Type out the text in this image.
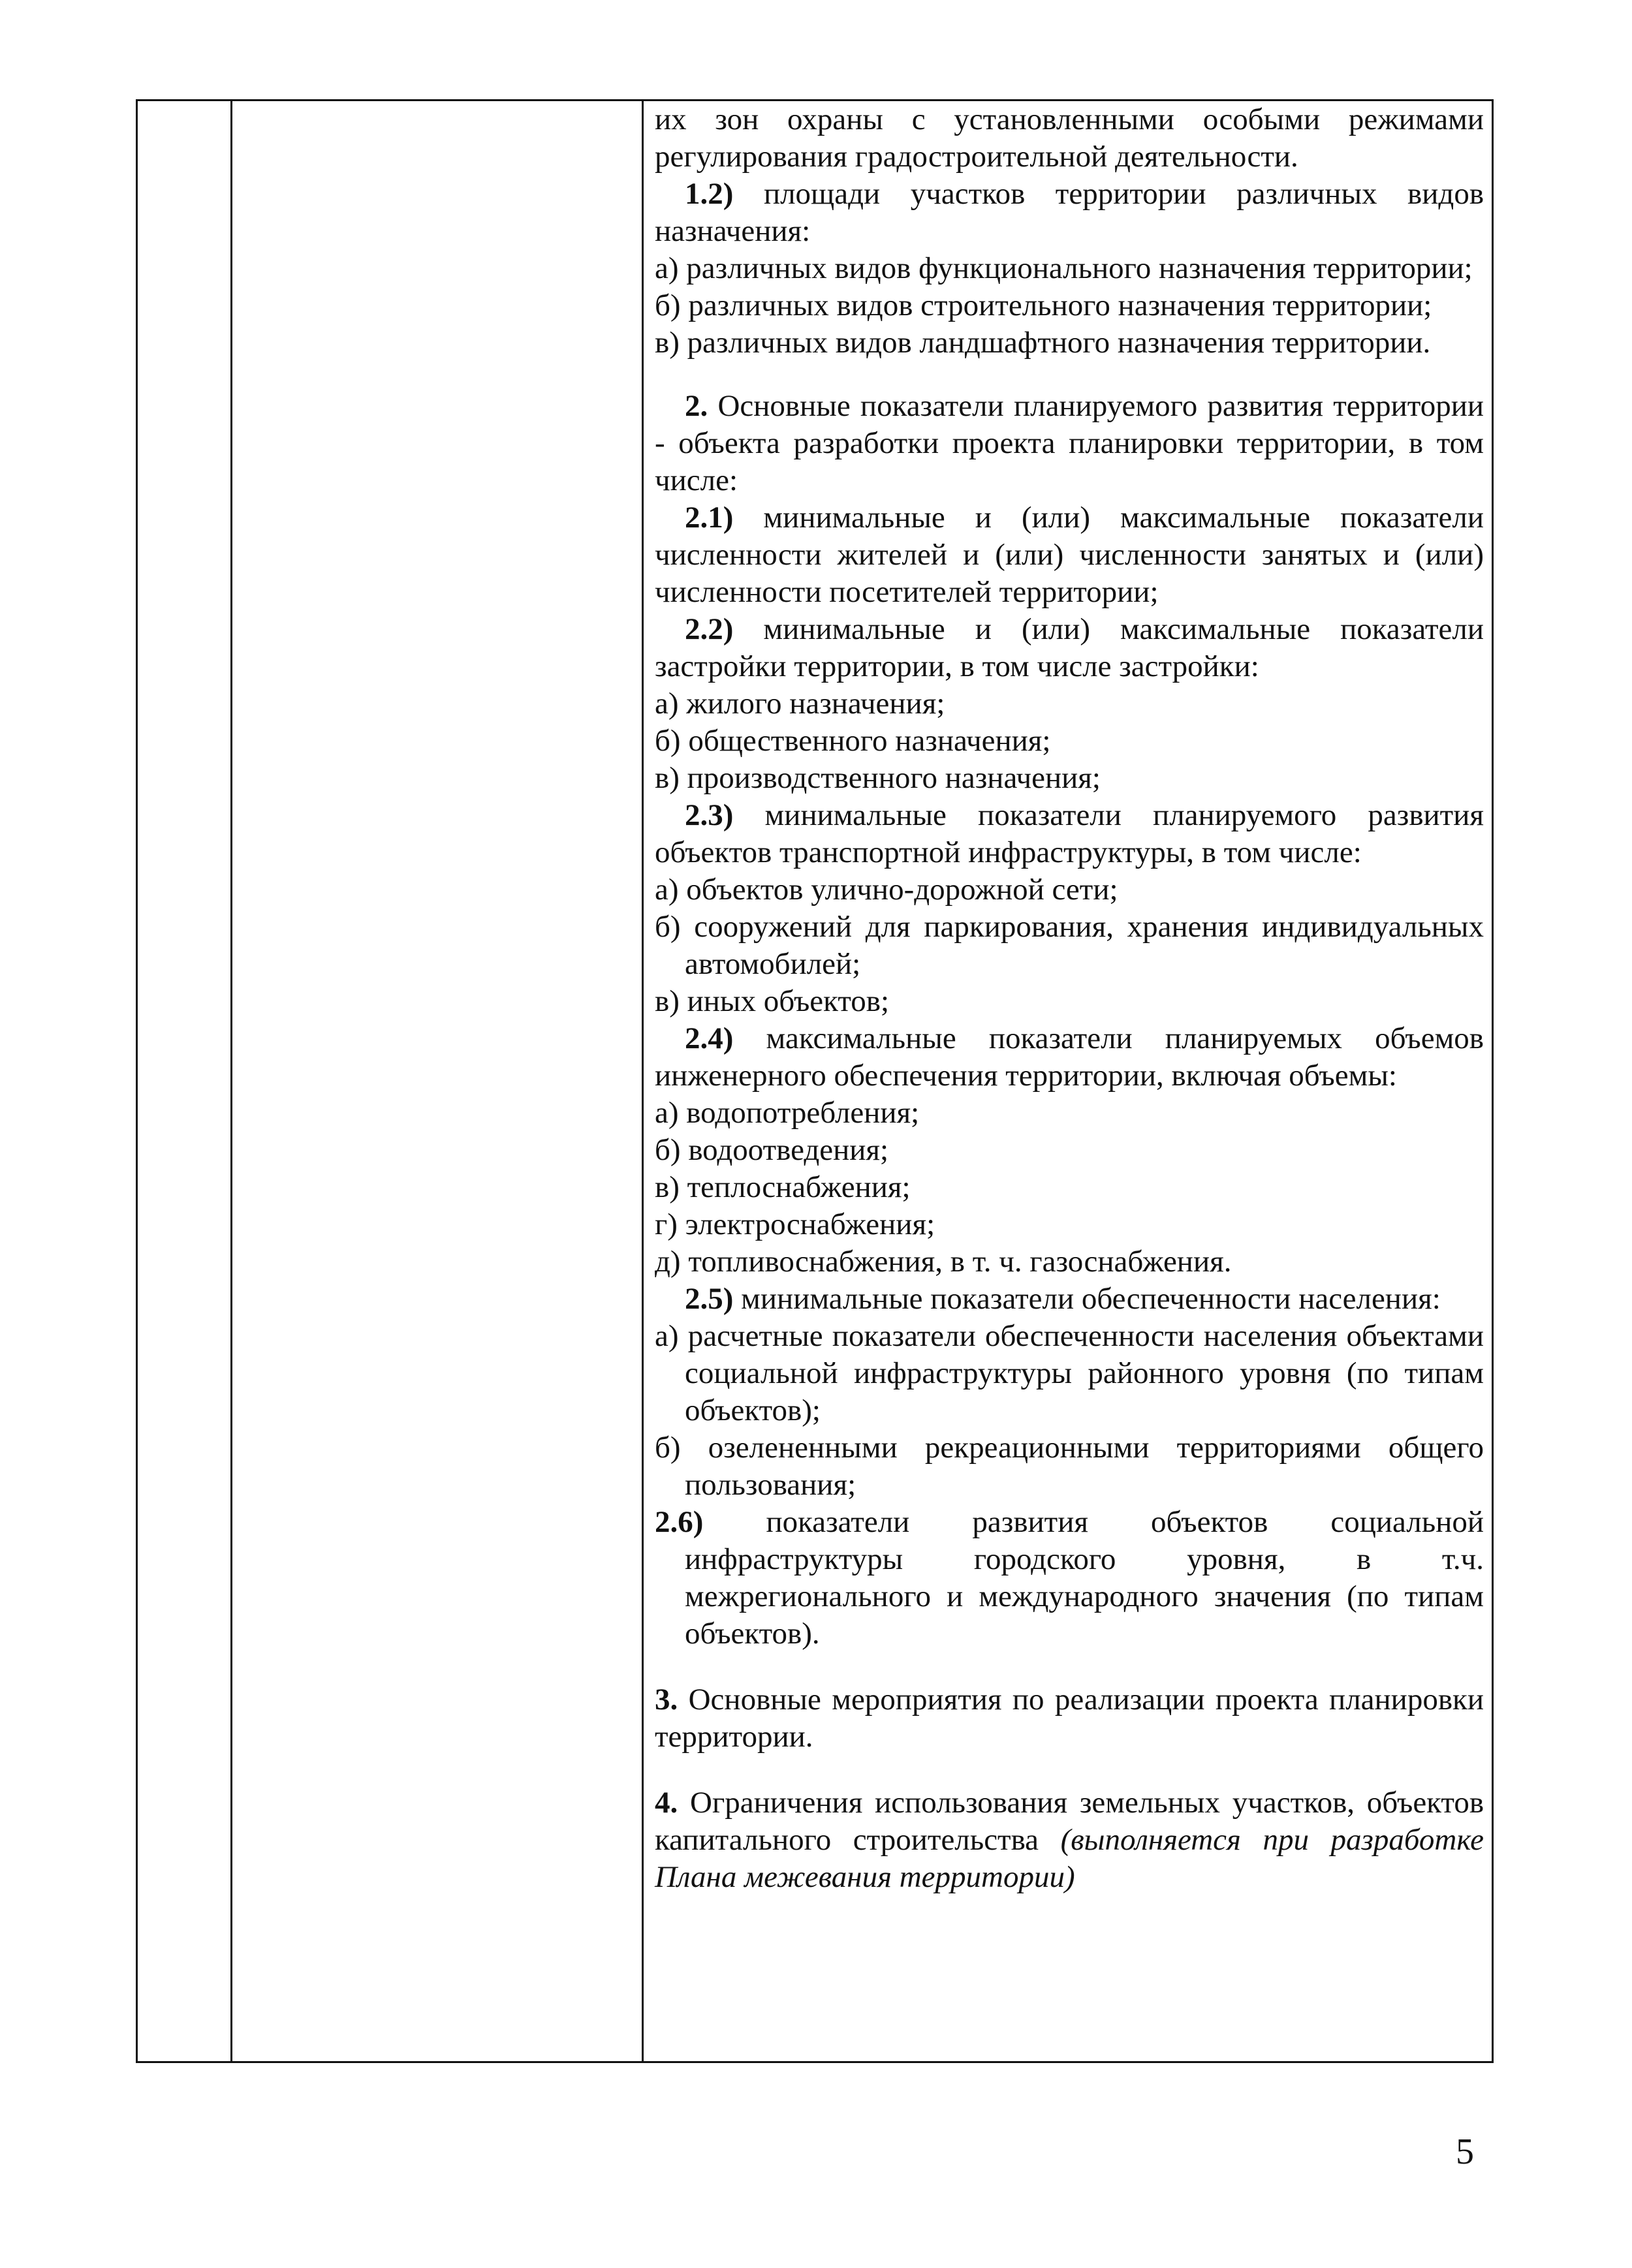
их зон охраны с установленными особыми режимами регулирования градостроительной деятельности.

1.2) площади участков территории различных видов назначения:

а) различных видов функционального назначения территории;

б) различных видов строительного назначения территории;

в) различных видов ландшафтного назначения территории.

2. Основные показатели планируемого развития территории - объекта разработки проекта планировки территории, в том числе:

2.1) минимальные и (или) максимальные показатели численности жителей и (или) численности занятых и (или) численности посетителей территории;

2.2) минимальные и (или) максимальные показатели застройки территории, в том числе застройки:

а) жилого назначения;

б) общественного назначения;

в) производственного назначения;

2.3) минимальные показатели планируемого развития объектов транспортной инфраструктуры, в том числе:

а) объектов улично-дорожной сети;

б) сооружений для паркирования, хранения индивидуальных автомобилей;

в) иных объектов;

2.4) максимальные показатели планируемых объемов инженерного обеспечения территории, включая объемы:

а) водопотребления;

б) водоотведения;

в) теплоснабжения;

г) электроснабжения;

д) топливоснабжения, в т. ч. газоснабжения.

2.5) минимальные показатели обеспеченности населения:

а) расчетные показатели обеспеченности населения объектами социальной инфраструктуры районного уровня (по типам объектов);

б) озелененными рекреационными территориями общего пользования;

2.6) показатели развития объектов социальной инфраструктуры городского уровня, в т.ч. межрегионального и международного значения (по типам объектов).

3. Основные мероприятия по реализации проекта планировки территории.

4. Ограничения использования земельных участков, объектов капитального строительства (выполняется при разработке Плана межевания территории)

5
